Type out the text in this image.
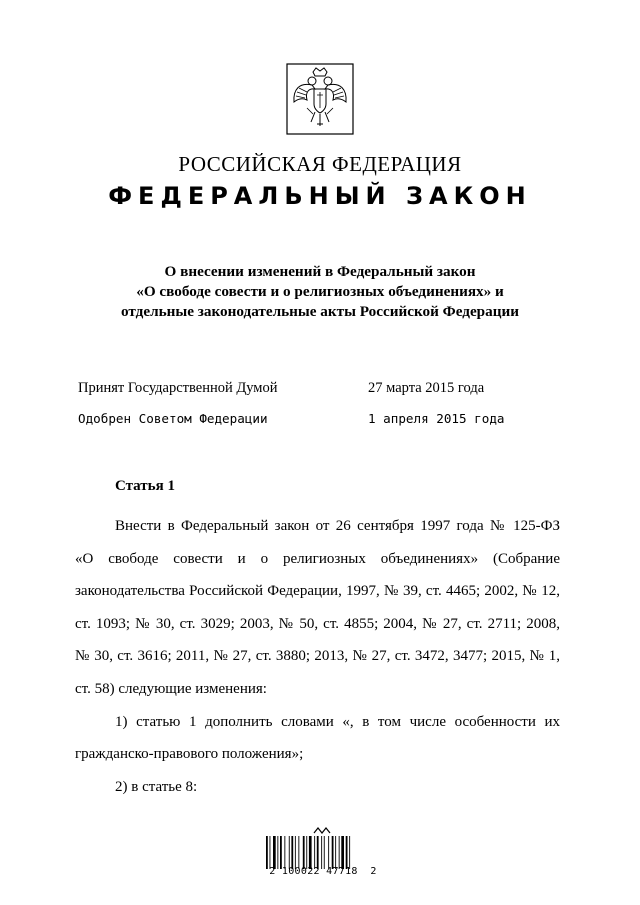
РОССИЙСКАЯ ФЕДЕРАЦИЯ
ФЕДЕРАЛЬНЫЙ ЗАКОН
О внесении изменений в Федеральный закон
«О свободе совести и о религиозных объединениях» и
отдельные законодательные акты Российской Федерации
Принят Государственной Думой	27 марта 2015 года
Одобрен Советом Федерации	1 апреля 2015 года
Статья 1
Внести в Федеральный закон от 26 сентября 1997 года № 125-ФЗ
«О свободе совести и о религиозных объединениях» (Собрание
законодательства Российской Федерации, 1997, № 39, ст. 4465; 2002, № 12,
ст. 1093; № 30, ст. 3029; 2003, № 50, ст. 4855; 2004, № 27, ст. 2711; 2008,
№ 30, ст. 3616; 2011, № 27, ст. 3880; 2013, № 27, ст. 3472, 3477; 2015, № 1,
ст. 58) следующие изменения:
1) статью 1 дополнить словами «, в том числе особенности их
гражданско-правового положения»;
2) в статье 8:
2 100022 47718  2
